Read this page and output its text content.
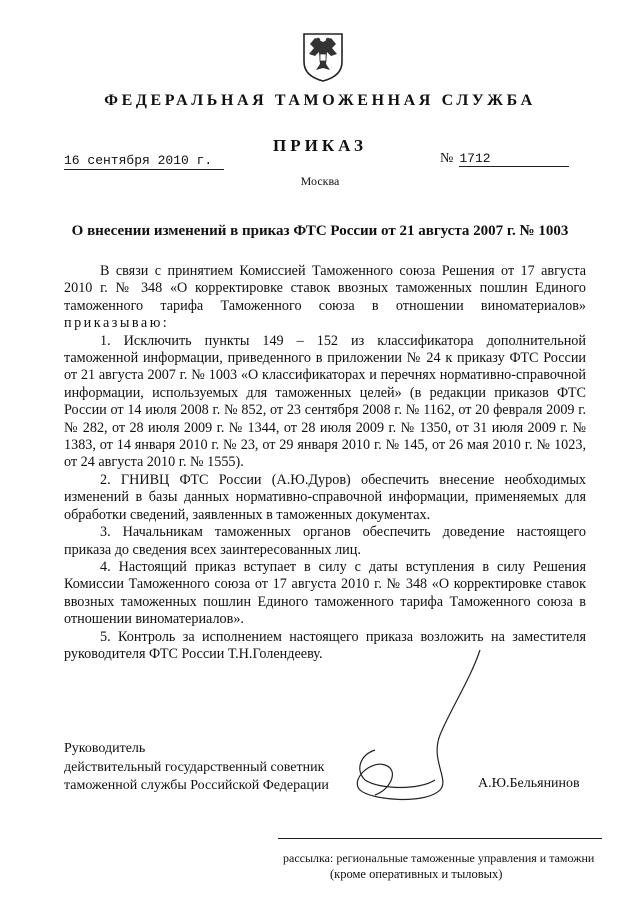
ФЕДЕРАЛЬНАЯ ТАМОЖЕННАЯ СЛУЖБА
ПРИКАЗ
16 сентября 2010 г.	№ 1712
Москва
О внесении изменений в приказ ФТС России от 21 августа 2007 г. № 1003

В связи с принятием Комиссией Таможенного союза Решения от 17 августа 2010 г. № 348 «О корректировке ставок ввозных таможенных пошлин Единого таможенного тарифа Таможенного союза в отношении виноматериалов» приказываю:

1. Исключить пункты 149 – 152 из классификатора дополнительной таможенной информации, приведенного в приложении № 24 к приказу ФТС России от 21 августа 2007 г. № 1003 «О классификаторах и перечнях нормативно-справочной информации, используемых для таможенных целей» (в редакции приказов ФТС России от 14 июля 2008 г. № 852, от 23 сентября 2008 г. № 1162, от 20 февраля 2009 г. № 282, от 28 июля 2009 г. № 1344, от 28 июля 2009 г. № 1350, от 31 июля 2009 г. № 1383, от 14 января 2010 г. № 23, от 29 января 2010 г. № 145, от 26 мая 2010 г. № 1023, от 24 августа 2010 г. № 1555).

2. ГНИВЦ ФТС России (А.Ю.Дуров) обеспечить внесение необходимых изменений в базы данных нормативно-справочной информации, применяемых для обработки сведений, заявленных в таможенных документах.

3. Начальникам таможенных органов обеспечить доведение настоящего приказа до сведения всех заинтересованных лиц.

4. Настоящий приказ вступает в силу с даты вступления в силу Решения Комиссии Таможенного союза от 17 августа 2010 г. № 348 «О корректировке ставок ввозных таможенных пошлин Единого таможенного тарифа Таможенного союза в отношении виноматериалов».

5. Контроль за исполнением настоящего приказа возложить на заместителя руководителя ФТС России Т.Н.Голендееву.

Руководитель
действительный государственный советник
таможенной службы Российской Федерации	А.Ю.Бельянинов
рассылка: региональные таможенные управления и таможни
(кроме оперативных и тыловых)
